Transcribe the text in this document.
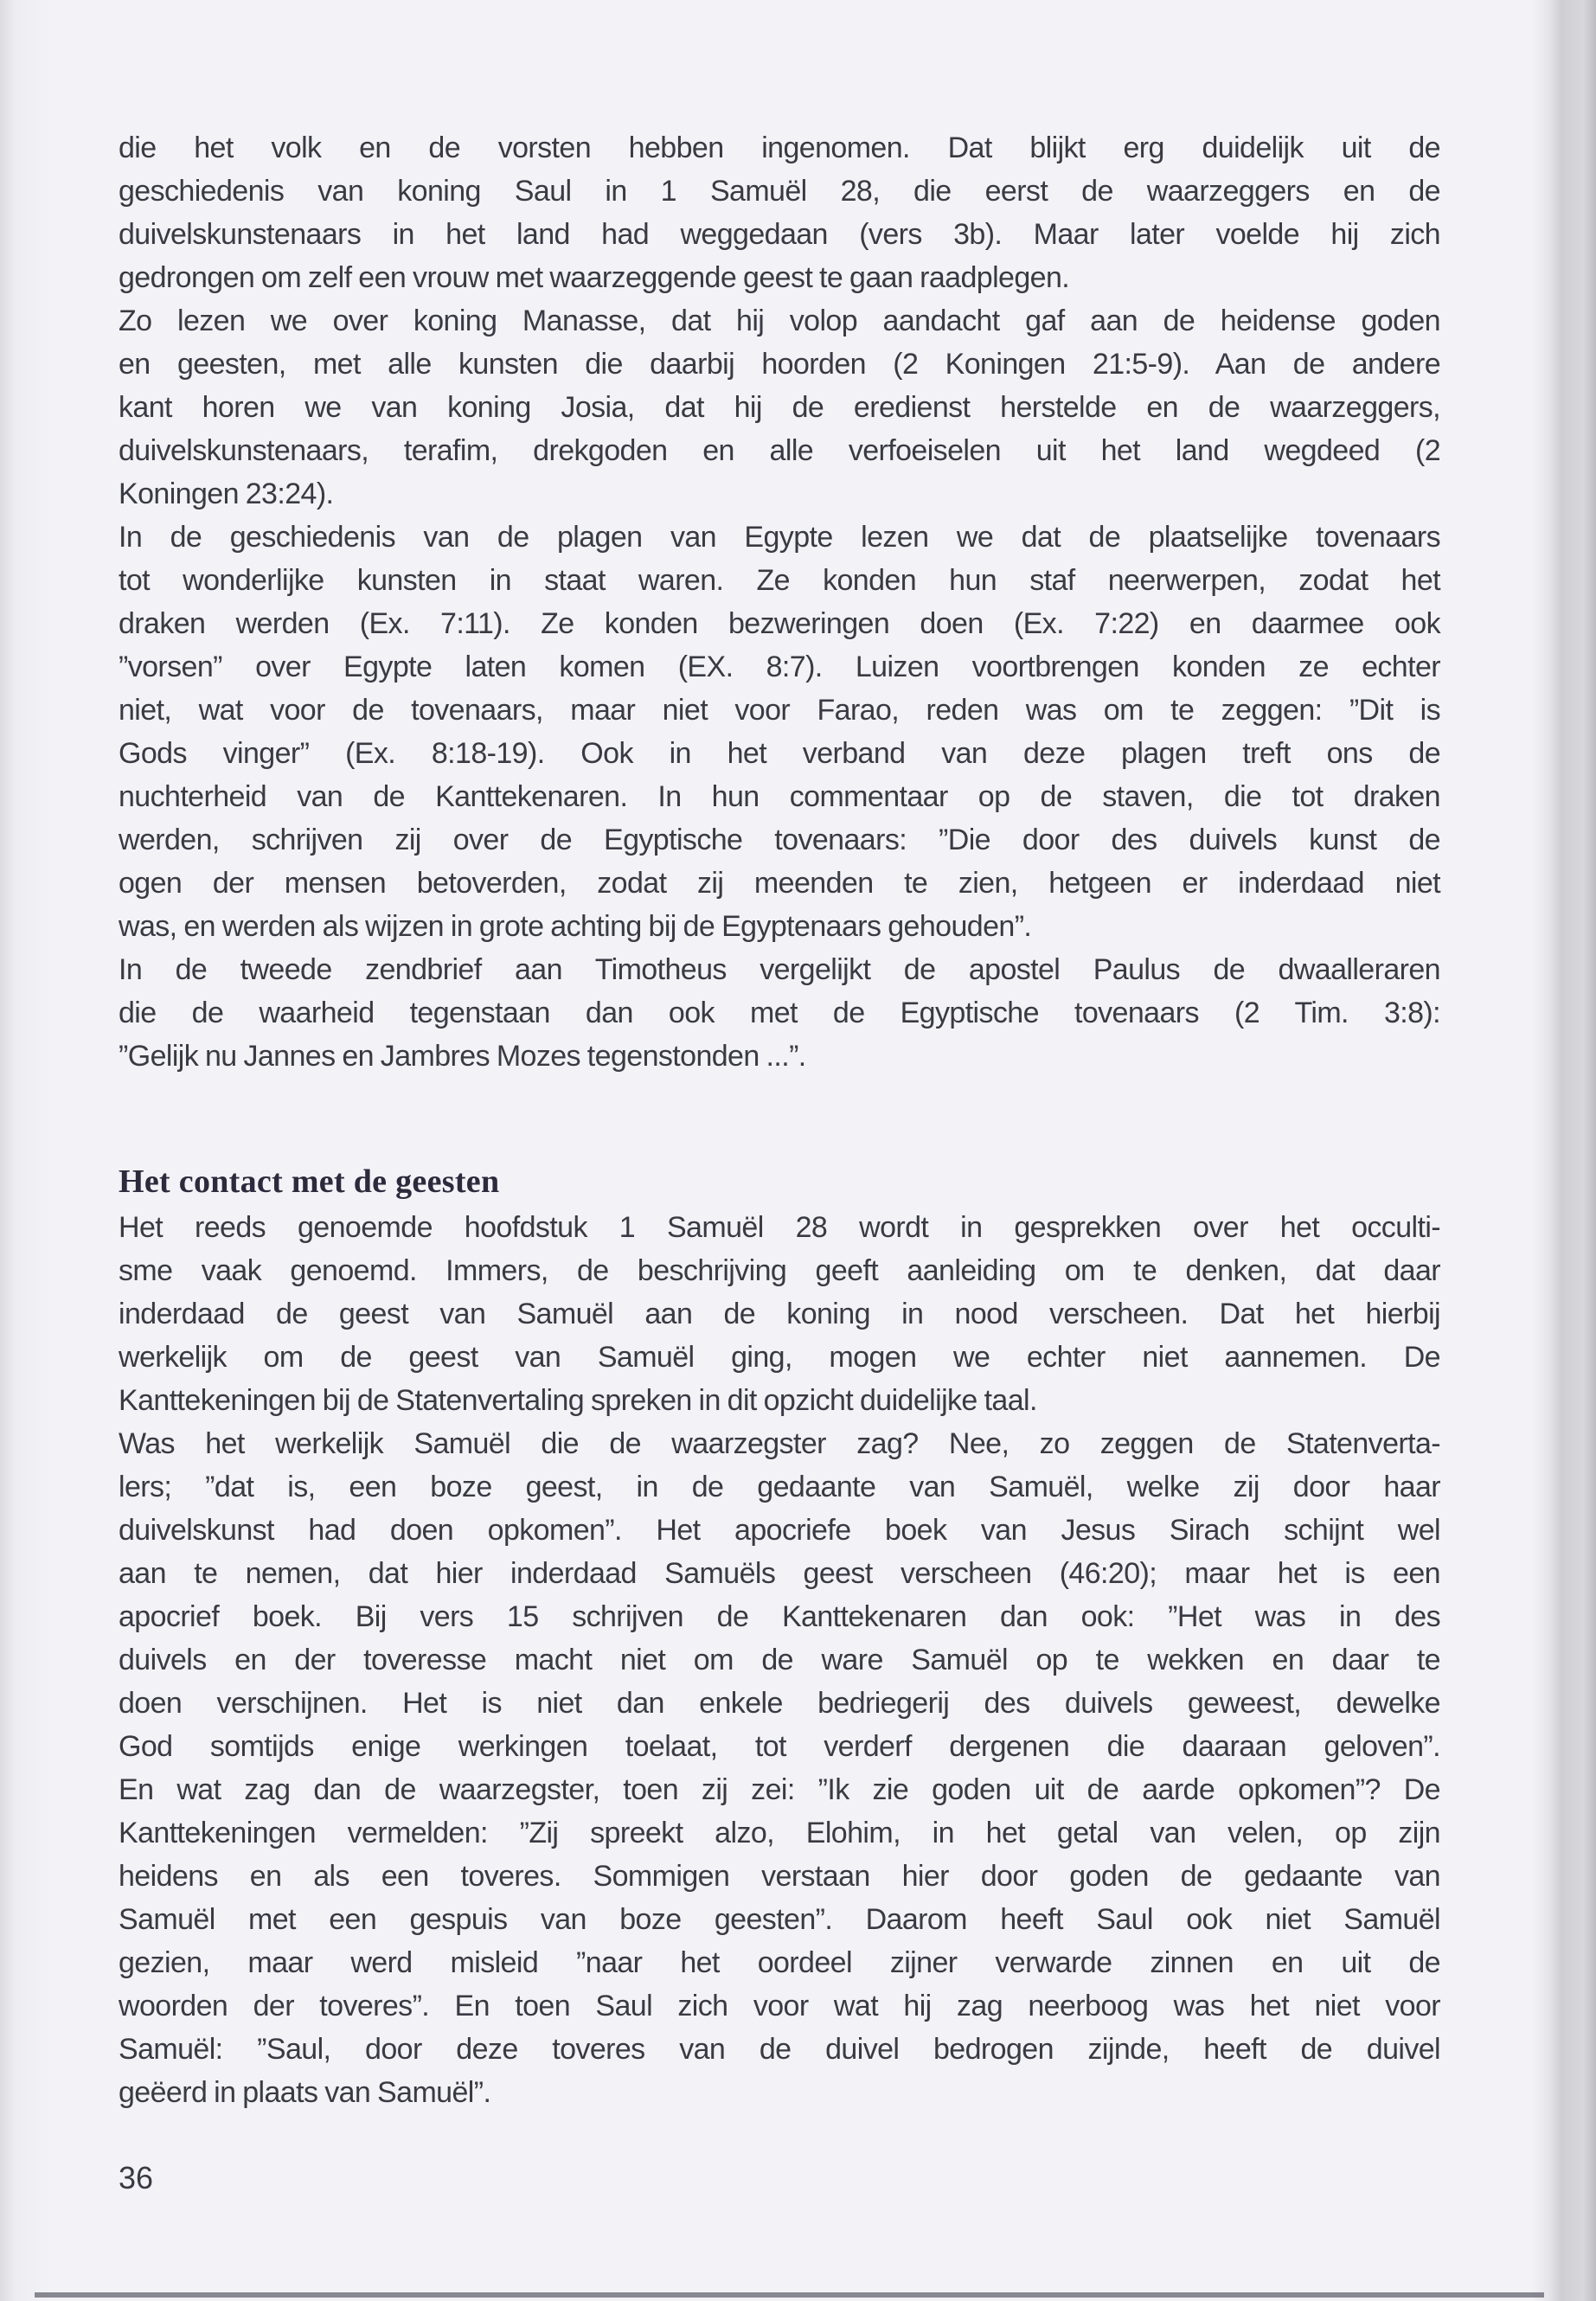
die het volk en de vorsten hebben ingenomen. Dat blijkt erg duidelijk uit de
geschiedenis van koning Saul in 1 Samuël 28, die eerst de waarzeggers en de
duivelskunstenaars in het land had weggedaan (vers 3b). Maar later voelde hij zich
gedrongen om zelf een vrouw met waarzeggende geest te gaan raadplegen.
Zo lezen we over koning Manasse, dat hij volop aandacht gaf aan de heidense goden
en geesten, met alle kunsten die daarbij hoorden (2 Koningen 21:5-9). Aan de andere
kant horen we van koning Josia, dat hij de eredienst herstelde en de waarzeggers,
duivelskunstenaars, terafim, drekgoden en alle verfoeiselen uit het land wegdeed (2
Koningen 23:24).
In de geschiedenis van de plagen van Egypte lezen we dat de plaatselijke tovenaars
tot wonderlijke kunsten in staat waren. Ze konden hun staf neerwerpen, zodat het
draken werden (Ex. 7:11). Ze konden bezweringen doen (Ex. 7:22) en daarmee ook
”vorsen” over Egypte laten komen (EX. 8:7). Luizen voortbrengen konden ze echter
niet, wat voor de tovenaars, maar niet voor Farao, reden was om te zeggen: ”Dit is
Gods vinger” (Ex. 8:18-19). Ook in het verband van deze plagen treft ons de
nuchterheid van de Kanttekenaren. In hun commentaar op de staven, die tot draken
werden, schrijven zij over de Egyptische tovenaars: ”Die door des duivels kunst de
ogen der mensen betoverden, zodat zij meenden te zien, hetgeen er inderdaad niet
was, en werden als wijzen in grote achting bij de Egyptenaars gehouden”.
In de tweede zendbrief aan Timotheus vergelijkt de apostel Paulus de dwaalleraren
die de waarheid tegenstaan dan ook met de Egyptische tovenaars (2 Tim. 3:8):
”Gelijk nu Jannes en Jambres Mozes tegenstonden ...”.
Het contact met de geesten
Het reeds genoemde hoofdstuk 1 Samuël 28 wordt in gesprekken over het occulti-
sme vaak genoemd. Immers, de beschrijving geeft aanleiding om te denken, dat daar
inderdaad de geest van Samuël aan de koning in nood verscheen. Dat het hierbij
werkelijk om de geest van Samuël ging, mogen we echter niet aannemen. De
Kanttekeningen bij de Statenvertaling spreken in dit opzicht duidelijke taal.
Was het werkelijk Samuël die de waarzegster zag? Nee, zo zeggen de Statenverta-
lers; ”dat is, een boze geest, in de gedaante van Samuël, welke zij door haar
duivelskunst had doen opkomen”. Het apocriefe boek van Jesus Sirach schijnt wel
aan te nemen, dat hier inderdaad Samuëls geest verscheen (46:20); maar het is een
apocrief boek. Bij vers 15 schrijven de Kanttekenaren dan ook: ”Het was in des
duivels en der toveresse macht niet om de ware Samuël op te wekken en daar te
doen verschijnen. Het is niet dan enkele bedriegerij des duivels geweest, dewelke
God somtijds enige werkingen toelaat, tot verderf dergenen die daaraan geloven”.
En wat zag dan de waarzegster, toen zij zei: ”Ik zie goden uit de aarde opkomen”? De
Kanttekeningen vermelden: ”Zij spreekt alzo, Elohim, in het getal van velen, op zijn
heidens en als een toveres. Sommigen verstaan hier door goden de gedaante van
Samuël met een gespuis van boze geesten”. Daarom heeft Saul ook niet Samuël
gezien, maar werd misleid ”naar het oordeel zijner verwarde zinnen en uit de
woorden der toveres”. En toen Saul zich voor wat hij zag neerboog was het niet voor
Samuël: ”Saul, door deze toveres van de duivel bedrogen zijnde, heeft de duivel
geëerd in plaats van Samuël”.
36
